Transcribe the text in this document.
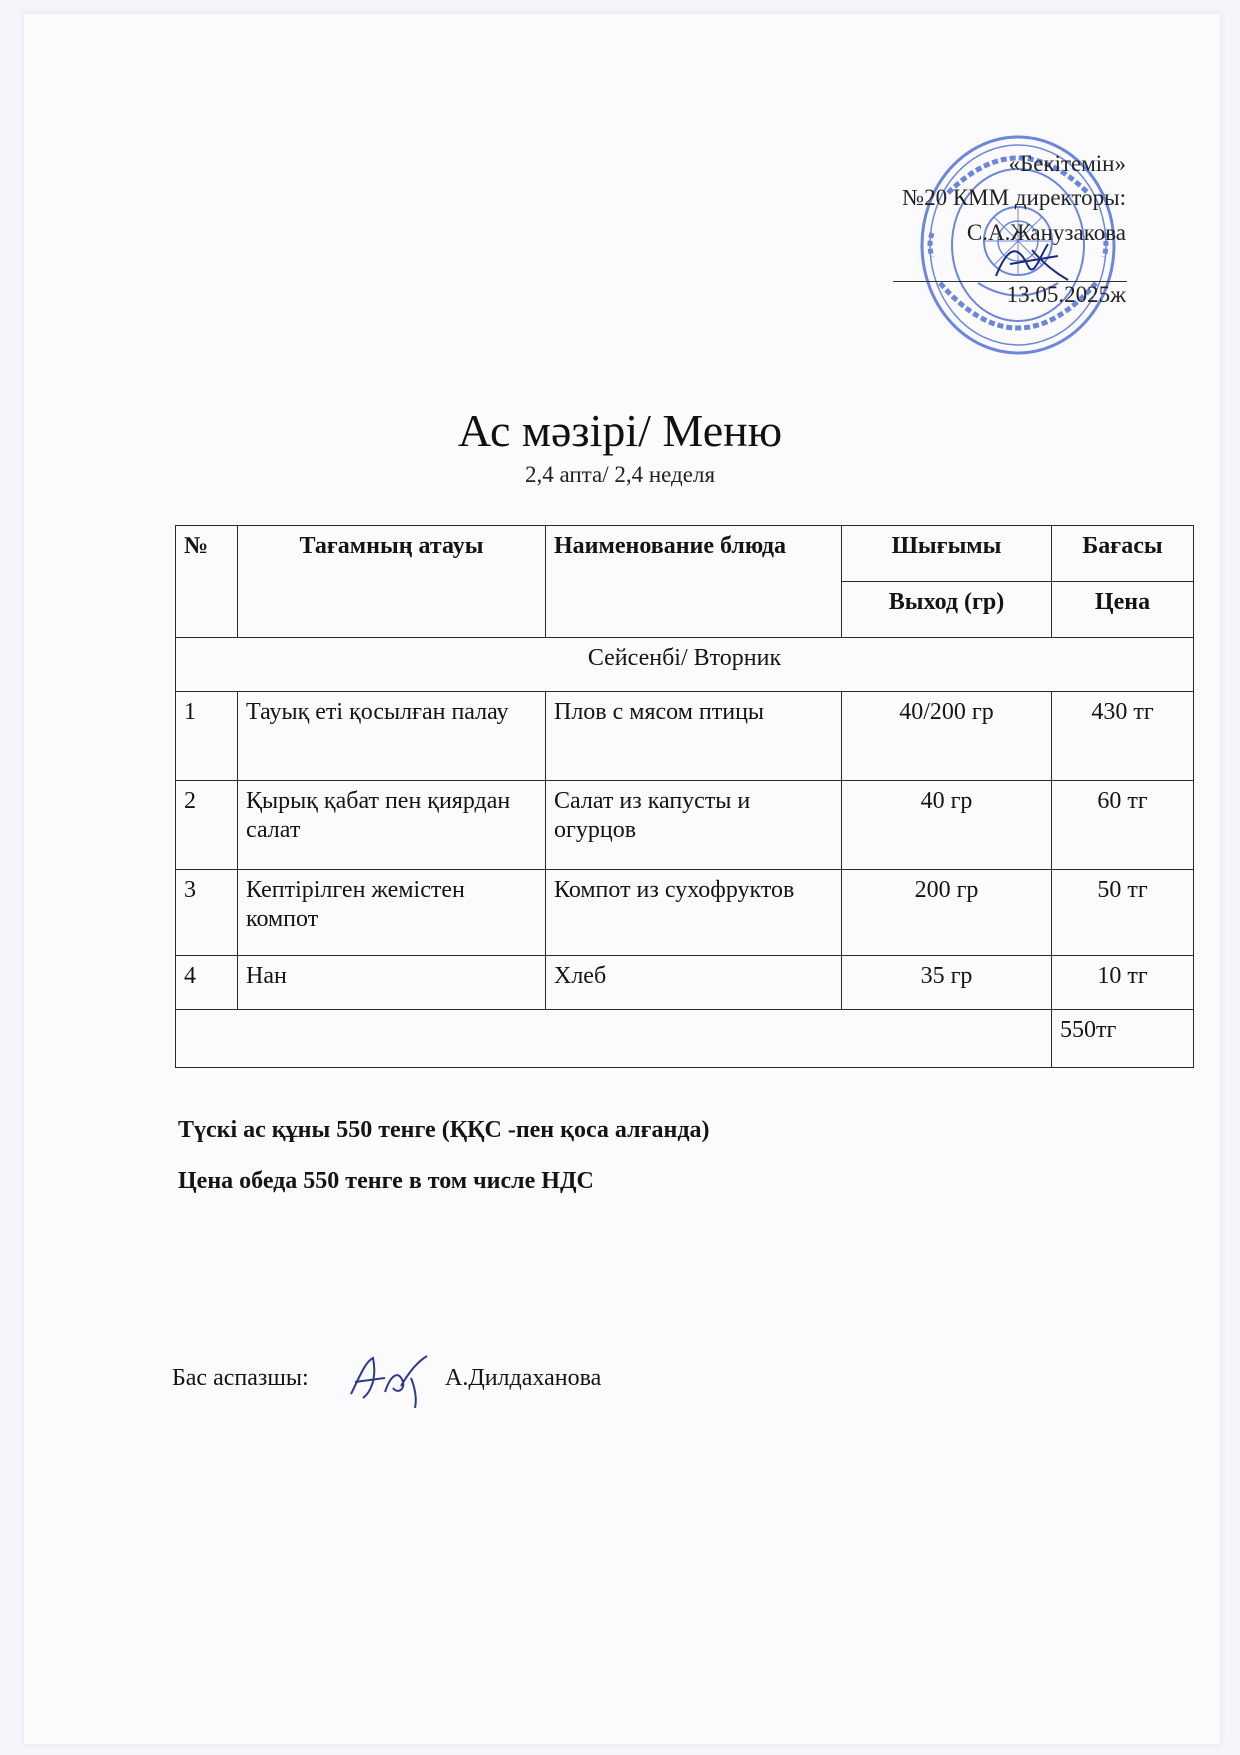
«Бекітемін»
№20 КММ директоры:
С.А.Жанузакова
13.05.2025ж
Ас мәзірі/ Меню
2,4 апта/ 2,4 неделя
№	Тағамның атауы	Наименование блюда	Шығымы	Бағасы
			Выход (гр)	Цена
Сейсенбі/ Вторник				
1	Тауық еті қосылған палау	Плов с мясом птицы	40/200 гр	430 тг
2	Қырық қабат пен қиярдан салат	Салат из капусты и огурцов	40 гр	60 тг
3	Кептірілген жемістен компот	Компот из сухофруктов	200 гр	50 тг
4	Нан	Хлеб	35 гр	10 тг
				550тг
Түскі ас құны 550 тенге (ҚҚС -пен қоса алғанда)
Цена обеда 550 тенге в том числе НДС
Бас аспазшы:	А.Дилдаханова
